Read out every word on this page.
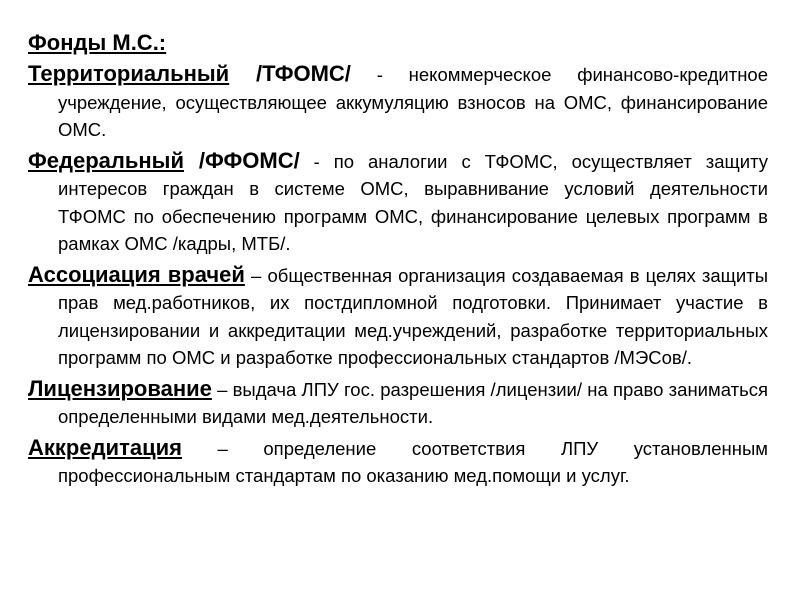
Фонды М.С.:

Территориальный /ТФОМС/ - некоммерческое финансово-кредитное учреждение, осуществляющее аккумуляцию взносов на ОМС, финансирование ОМС.

Федеральный /ФФОМС/ - по аналогии с ТФОМС, осуществляет защиту интересов граждан в системе ОМС, выравнивание условий деятельности ТФОМС по обеспечению программ ОМС, финансирование целевых программ в рамках ОМС /кадры, МТБ/.

Ассоциация врачей – общественная организация создаваемая в целях защиты прав мед.работников, их постдипломной подготовки. Принимает участие в лицензировании и аккредитации мед.учреждений, разработке территориальных программ по ОМС и разработке профессиональных стандартов /МЭСов/.

Лицензирование – выдача ЛПУ гос. разрешения /лицензии/ на право заниматься определенными видами мед.деятельности.

Аккредитация – определение соответствия ЛПУ установленным профессиональным стандартам по оказанию мед.помощи и услуг.
